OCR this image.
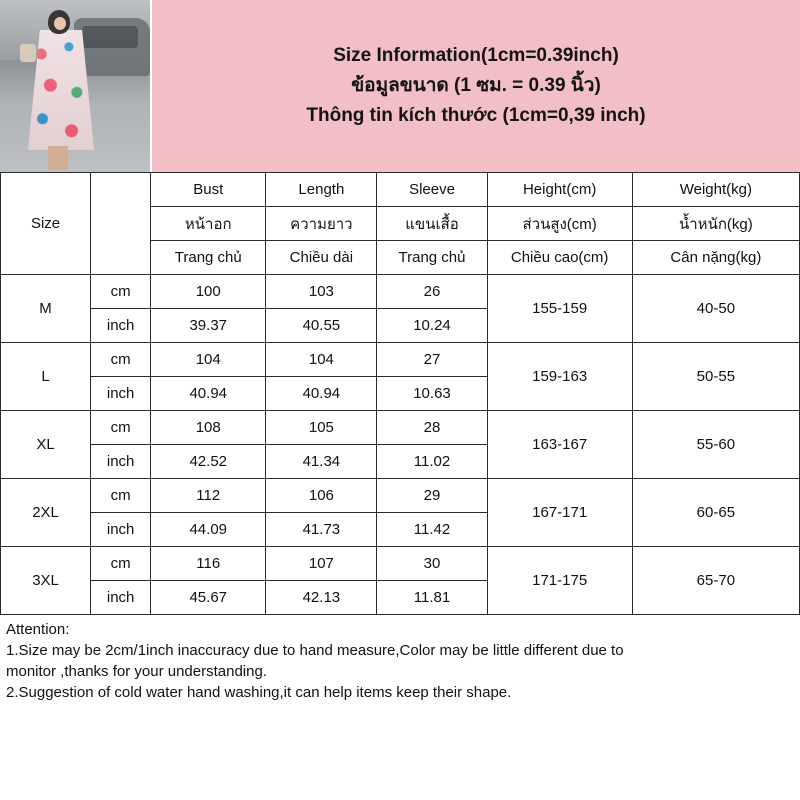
Size Information(1cm=0.39inch)
ข้อมูลขนาด (1 ซม. = 0.39 นิ้ว)
Thông tin kích thước (1cm=0,39 inch)
Size		Bust	Length	Sleeve	Height(cm)	Weight(kg)
		หน้าอก	ความยาว	แขนเสื้อ	ส่วนสูง(cm)	น้ำหนัก(kg)
		Trang chủ	Chiều dài	Trang chủ	Chiều cao(cm)	Cân nặng(kg)
M	cm	100	103	26	155-159	40-50
	inch	39.37	40.55	10.24		
L	cm	104	104	27	159-163	50-55
	inch	40.94	40.94	10.63		
XL	cm	108	105	28	163-167	55-60
	inch	42.52	41.34	11.02		
2XL	cm	112	106	29	167-171	60-65
	inch	44.09	41.73	11.42		
3XL	cm	116	107	30	171-175	65-70
	inch	45.67	42.13	11.81		

Attention:

1.Size may be 2cm/1inch inaccuracy due to hand measure,Color may be little different due to

monitor ,thanks for your understanding.

2.Suggestion of cold water hand washing,it can help items keep their shape.
